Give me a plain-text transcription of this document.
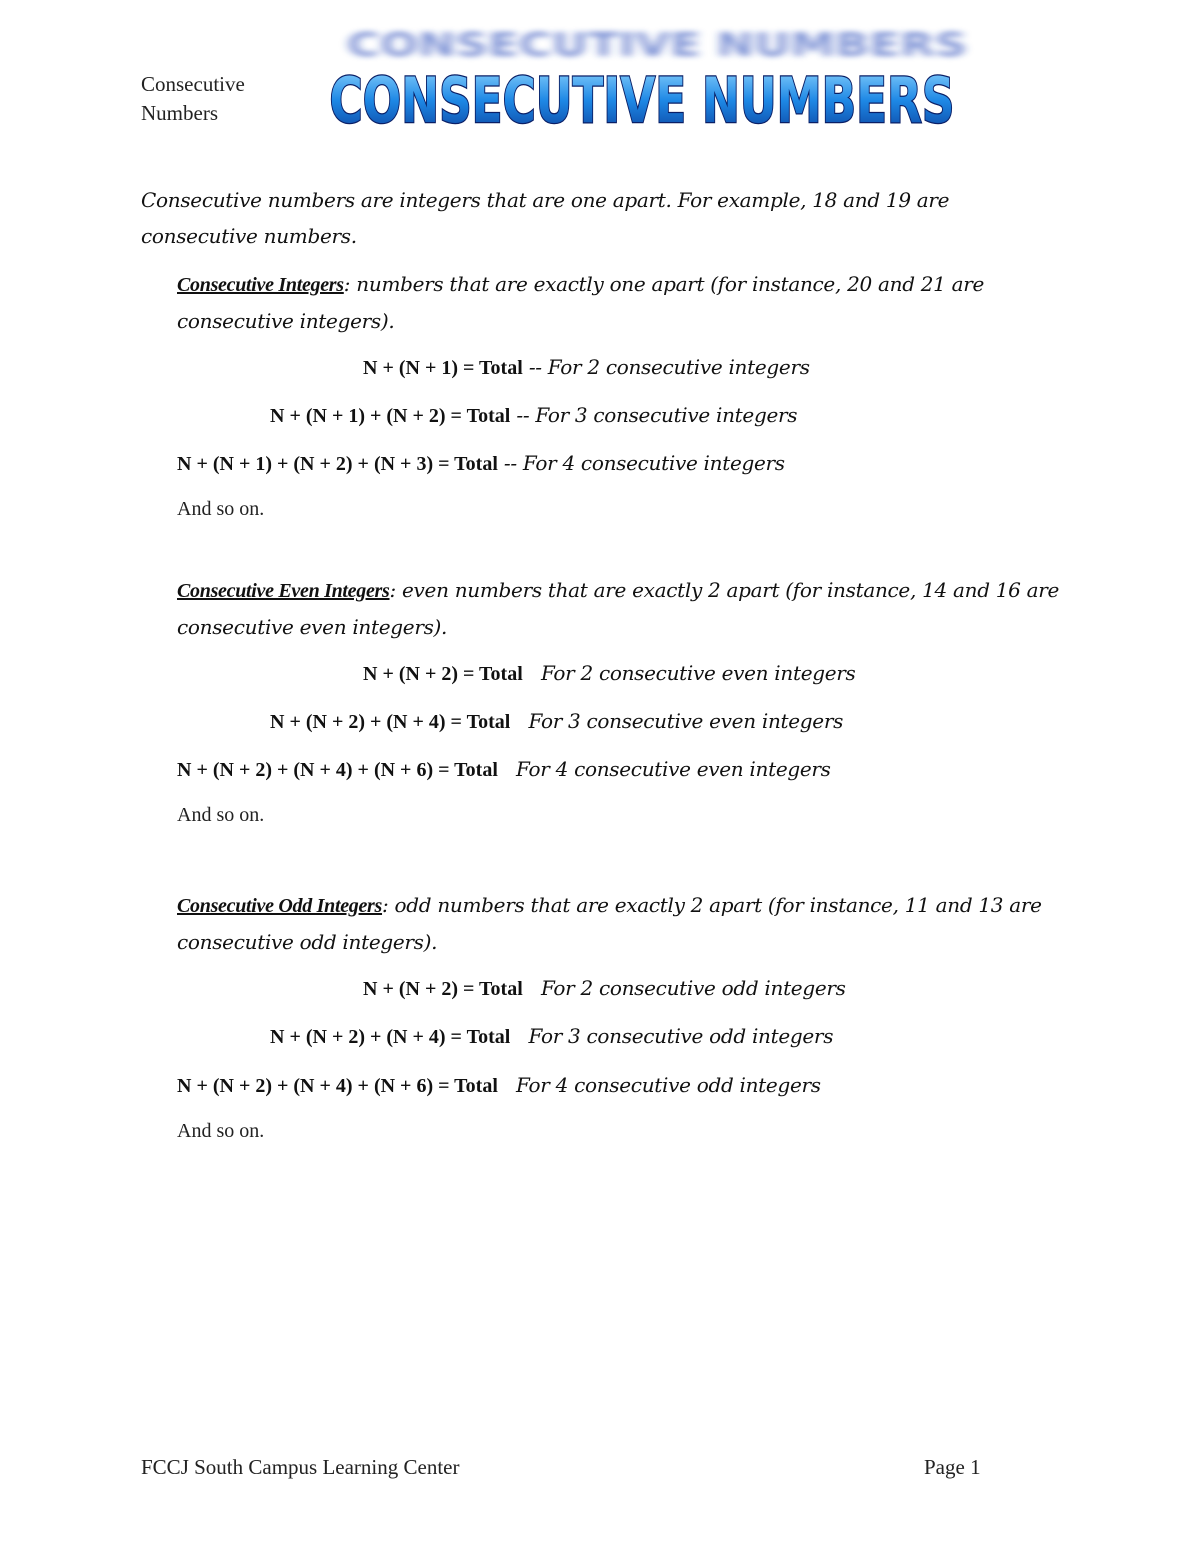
Consecutive
Numbers
CONSECUTIVE NUMBERS
CONSECUTIVE NUMBERS
Consecutive numbers are integers that are one apart. For example, 18 and 19 are consecutive numbers.
Consecutive Integers: numbers that are exactly one apart (for instance, 20 and 21 are consecutive integers).
N + (N + 1) = Total -- For 2 consecutive integers
N + (N + 1) + (N + 2) = Total -- For 3 consecutive integers
N + (N + 1) + (N + 2) + (N + 3) = Total -- For 4 consecutive integers
And so on.
Consecutive Even Integers: even numbers that are exactly 2 apart (for instance, 14 and 16 are consecutive even integers).
N + (N + 2) = Total   For 2 consecutive even integers
N + (N + 2) + (N + 4) = Total   For 3 consecutive even integers
N + (N + 2) + (N + 4) + (N + 6) = Total   For 4 consecutive even integers
And so on.
Consecutive Odd Integers: odd numbers that are exactly 2 apart (for instance, 11 and 13 are consecutive odd integers).
N + (N + 2) = Total   For 2 consecutive odd integers
N + (N + 2) + (N + 4) = Total   For 3 consecutive odd integers
N + (N + 2) + (N + 4) + (N + 6) = Total   For 4 consecutive odd integers
And so on.
FCCJ South Campus Learning Center	Page 1
